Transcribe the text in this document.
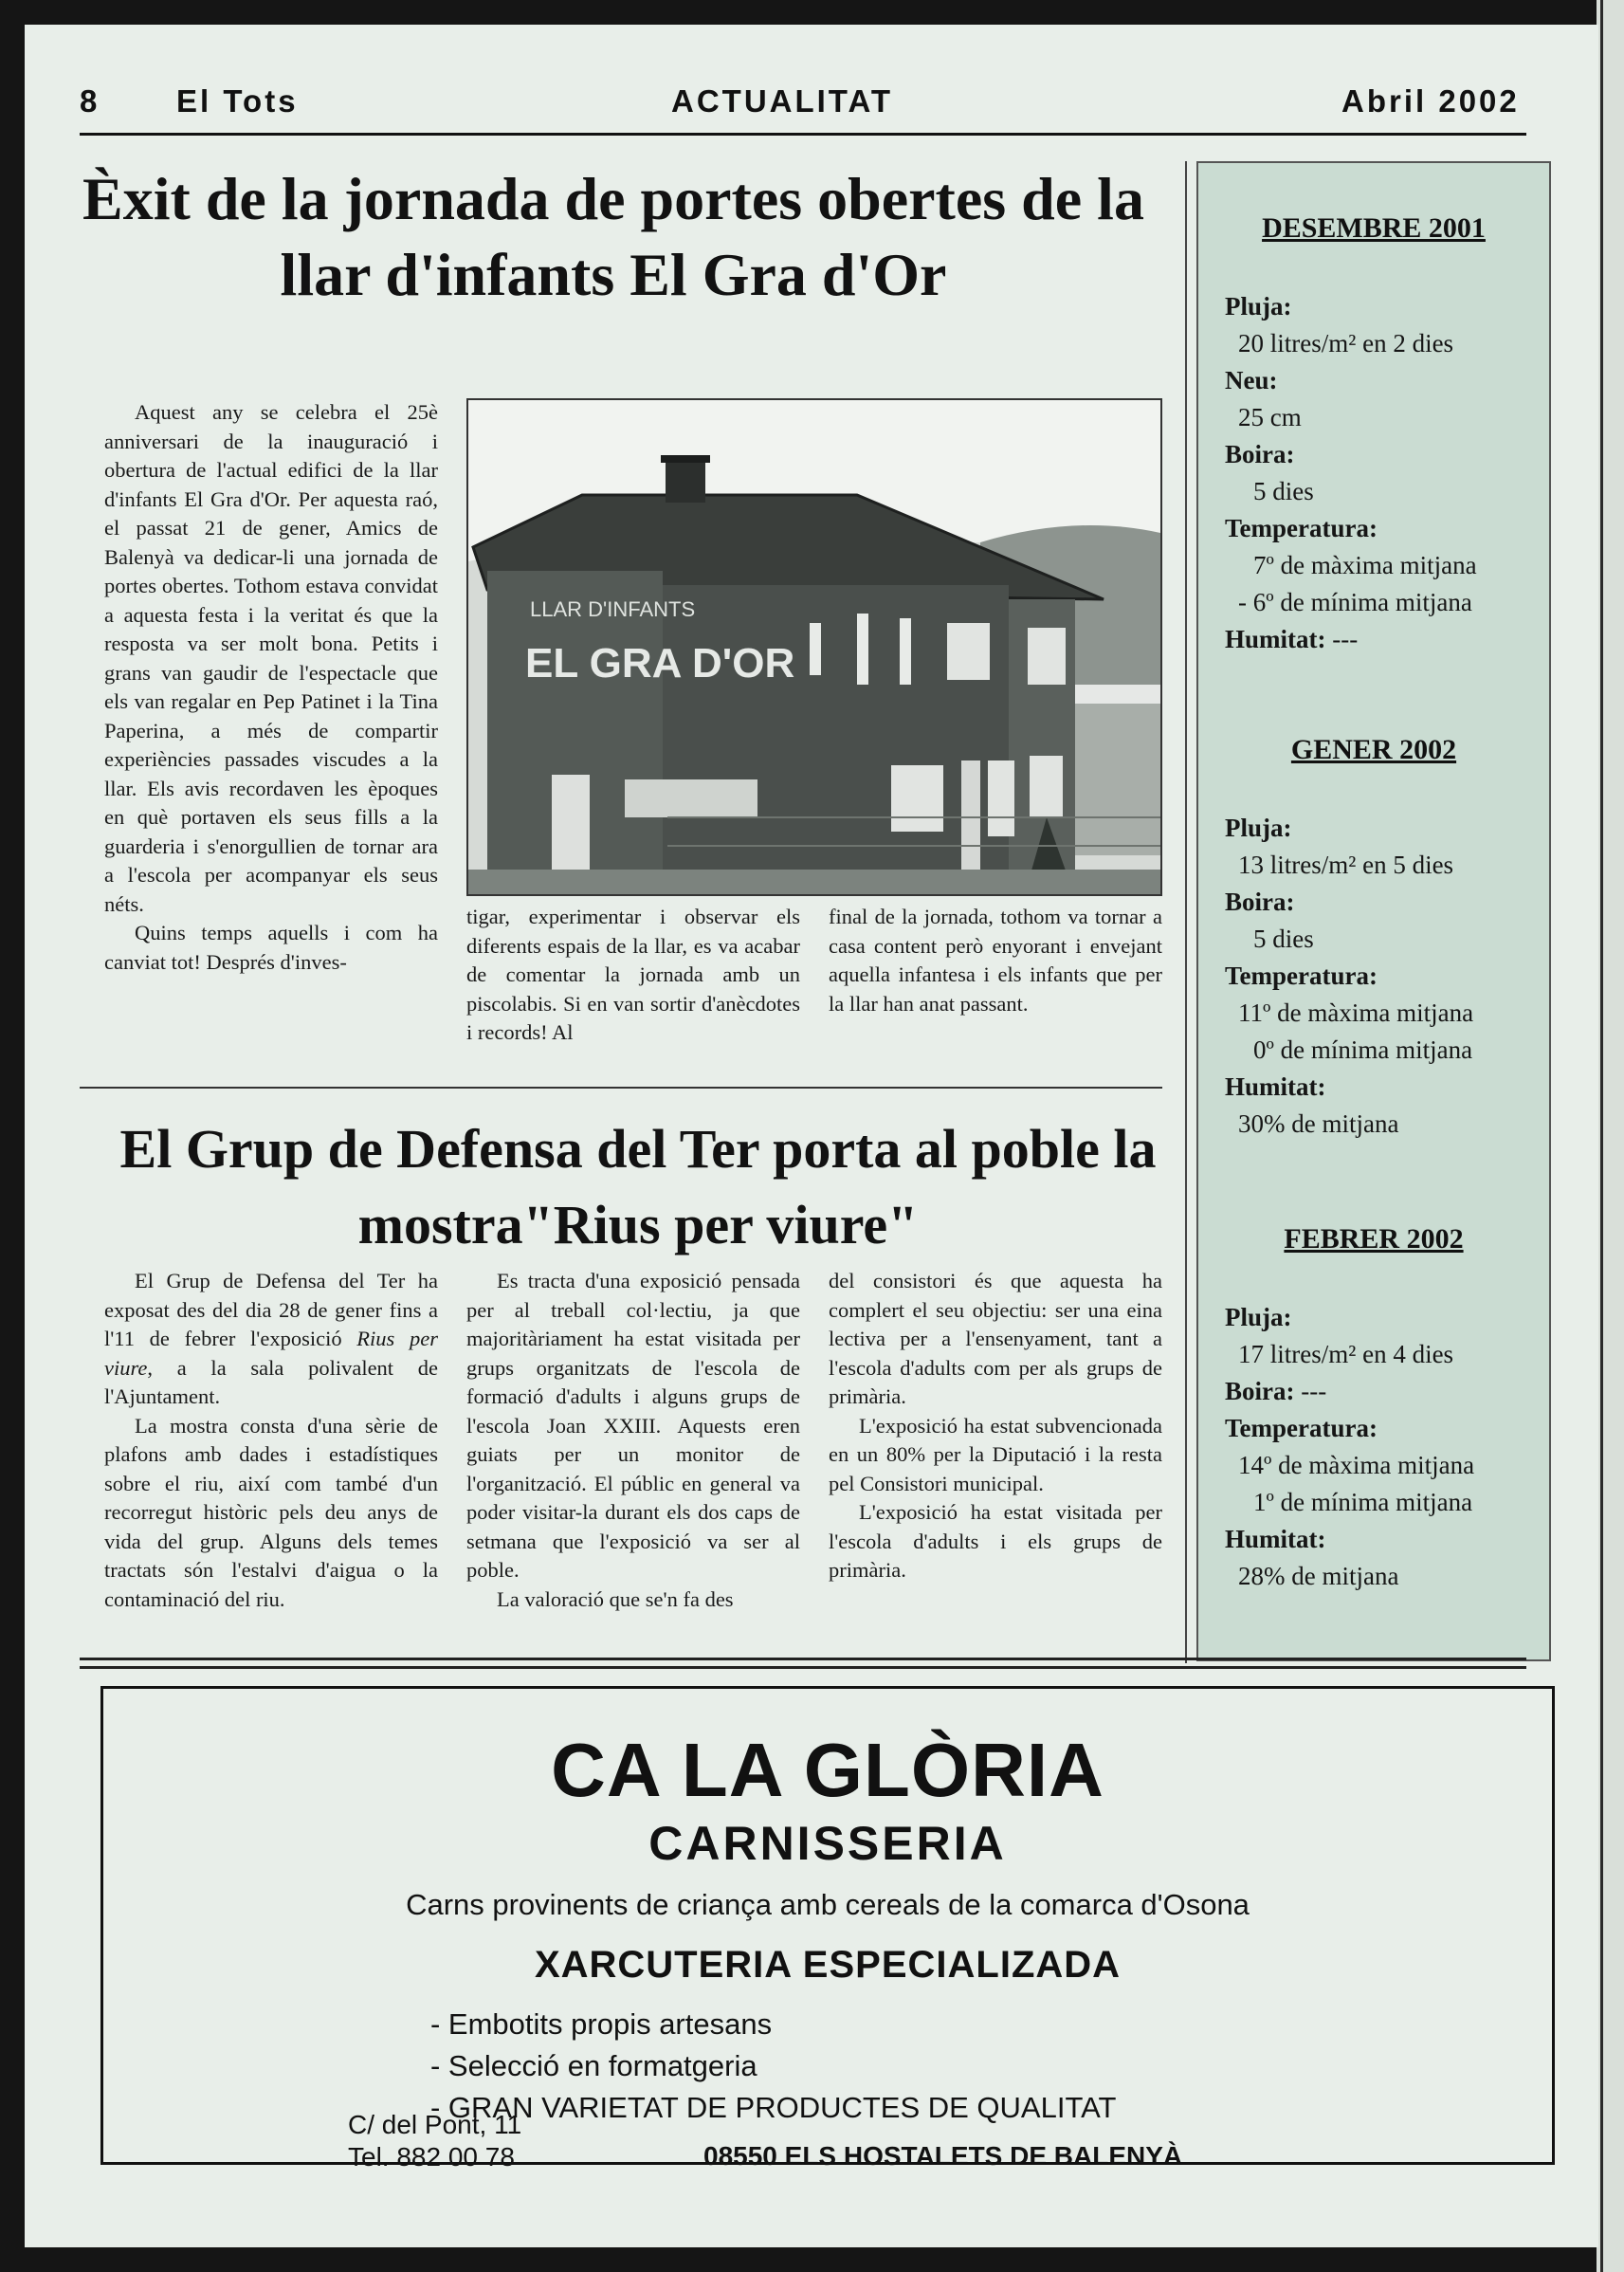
8 El Tots	ACTUALITAT	Abril 2002
Èxit de la jornada de portes obertes de la llar d'infants El Gra d'Or

Aquest any se celebra el 25è anniversari de la inauguració i obertura de l'actual edifici de la llar d'infants El Gra d'Or. Per aquesta raó, el passat 21 de gener, Amics de Balenyà va dedicar-li una jornada de portes obertes. Tothom estava convidat a aquesta festa i la veritat és que la resposta va ser molt bona. Petits i grans van gaudir de l'espectacle que els van regalar en Pep Patinet i la Tina Paperina, a més de compartir experiències passades viscudes a la llar. Els avis recordaven les èpoques en què portaven els seus fills a la guarderia i s'enorgullien de tornar ara a l'escola per acompanyar els seus néts.

Quins temps aquells i com ha canviat tot! Després d'inves-

LLAR D'INFANTS
EL GRA D'OR

tigar, experimentar i observar els diferents espais de la llar, es va acabar de comentar la jornada amb un piscolabis. Si en van sortir d'anècdotes i records! Al

final de la jornada, tothom va tornar a casa content però enyorant i envejant aquella infantesa i els infants que per la llar han anat passant.

El Grup de Defensa del Ter porta al poble la mostra"Rius per viure"

El Grup de Defensa del Ter ha exposat des del dia 28 de gener fins a l'11 de febrer l'exposició Rius per viure, a la sala polivalent de l'Ajuntament.

La mostra consta d'una sèrie de plafons amb dades i estadístiques sobre el riu, així com també d'un recorregut històric pels deu anys de vida del grup. Alguns dels temes tractats són l'estalvi d'aigua o la contaminació del riu.

Es tracta d'una exposició pensada per al treball col·lectiu, ja que majoritàriament ha estat visitada per grups organitzats de l'escola de formació d'adults i alguns grups de l'escola Joan XXIII. Aquests eren guiats per un monitor de l'organització. El públic en general va poder visitar-la durant els dos caps de setmana que l'exposició va ser al poble.

La valoració que se'n fa des

del consistori és que aquesta ha complert el seu objectiu: ser una eina lectiva per a l'ensenyament, tant a l'escola d'adults com per als grups de primària.

L'exposició ha estat subvencionada en un 80% per la Diputació i la resta pel Consistori municipal.

L'exposició ha estat visitada per l'escola d'adults i els grups de primària.

DESEMBRE 2001
Pluja:
20 litres/m² en 2 dies
Neu:
25 cm
Boira:
5 dies
Temperatura:
7º de màxima mitjana
- 6º de mínima mitjana
Humitat: ---
GENER 2002
Pluja:
13 litres/m² en 5 dies
Boira:
5 dies
Temperatura:
11º de màxima mitjana
0º de mínima mitjana
Humitat:
30% de mitjana
FEBRER 2002
Pluja:
17 litres/m² en 4 dies
Boira: ---
Temperatura:
14º de màxima mitjana
1º de mínima mitjana
Humitat:
28% de mitjana
CA LA GLÒRIA
CARNISSERIA
Carns provinents de criança amb cereals de la comarca d'Osona
XARCUTERIA ESPECIALIZADA
- Embotits propis artesans
- Selecció en formatgeria
- GRAN VARIETAT DE PRODUCTES DE QUALITAT
C/ del Pont, 11
Tel. 882 00 78	08550 ELS HOSTALETS DE BALENYÀ
